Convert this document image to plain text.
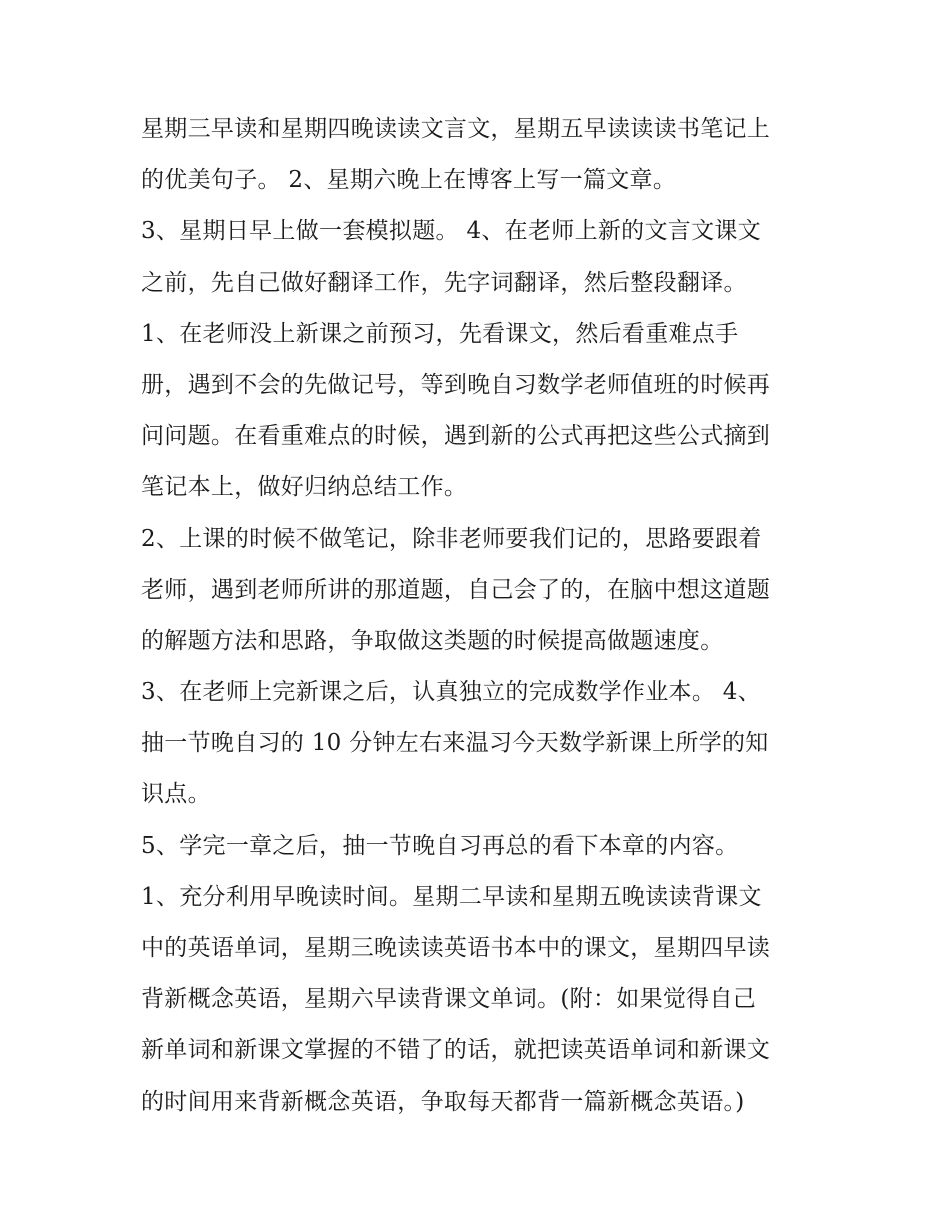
星期三早读和星期四晚读读文言文，星期五早读读读书笔记上
的优美句子。 2、星期六晚上在博客上写一篇文章。
3、星期日早上做一套模拟题。 4、在老师上新的文言文课文
之前，先自己做好翻译工作，先字词翻译，然后整段翻译。
1、在老师没上新课之前预习，先看课文，然后看重难点手
册，遇到不会的先做记号，等到晚自习数学老师值班的时候再
问问题。在看重难点的时候，遇到新的公式再把这些公式摘到
笔记本上，做好归纳总结工作。
2、上课的时候不做笔记，除非老师要我们记的，思路要跟着
老师，遇到老师所讲的那道题，自己会了的，在脑中想这道题
的解题方法和思路，争取做这类题的时候提高做题速度。
3、在老师上完新课之后，认真独立的完成数学作业本。 4、
抽一节晚自习的 10 分钟左右来温习今天数学新课上所学的知
识点。
5、学完一章之后，抽一节晚自习再总的看下本章的内容。
1、充分利用早晚读时间。星期二早读和星期五晚读读背课文
中的英语单词，星期三晚读读英语书本中的课文，星期四早读
背新概念英语，星期六早读背课文单词。(附：如果觉得自己
新单词和新课文掌握的不错了的话，就把读英语单词和新课文
的时间用来背新概念英语，争取每天都背一篇新概念英语。)
